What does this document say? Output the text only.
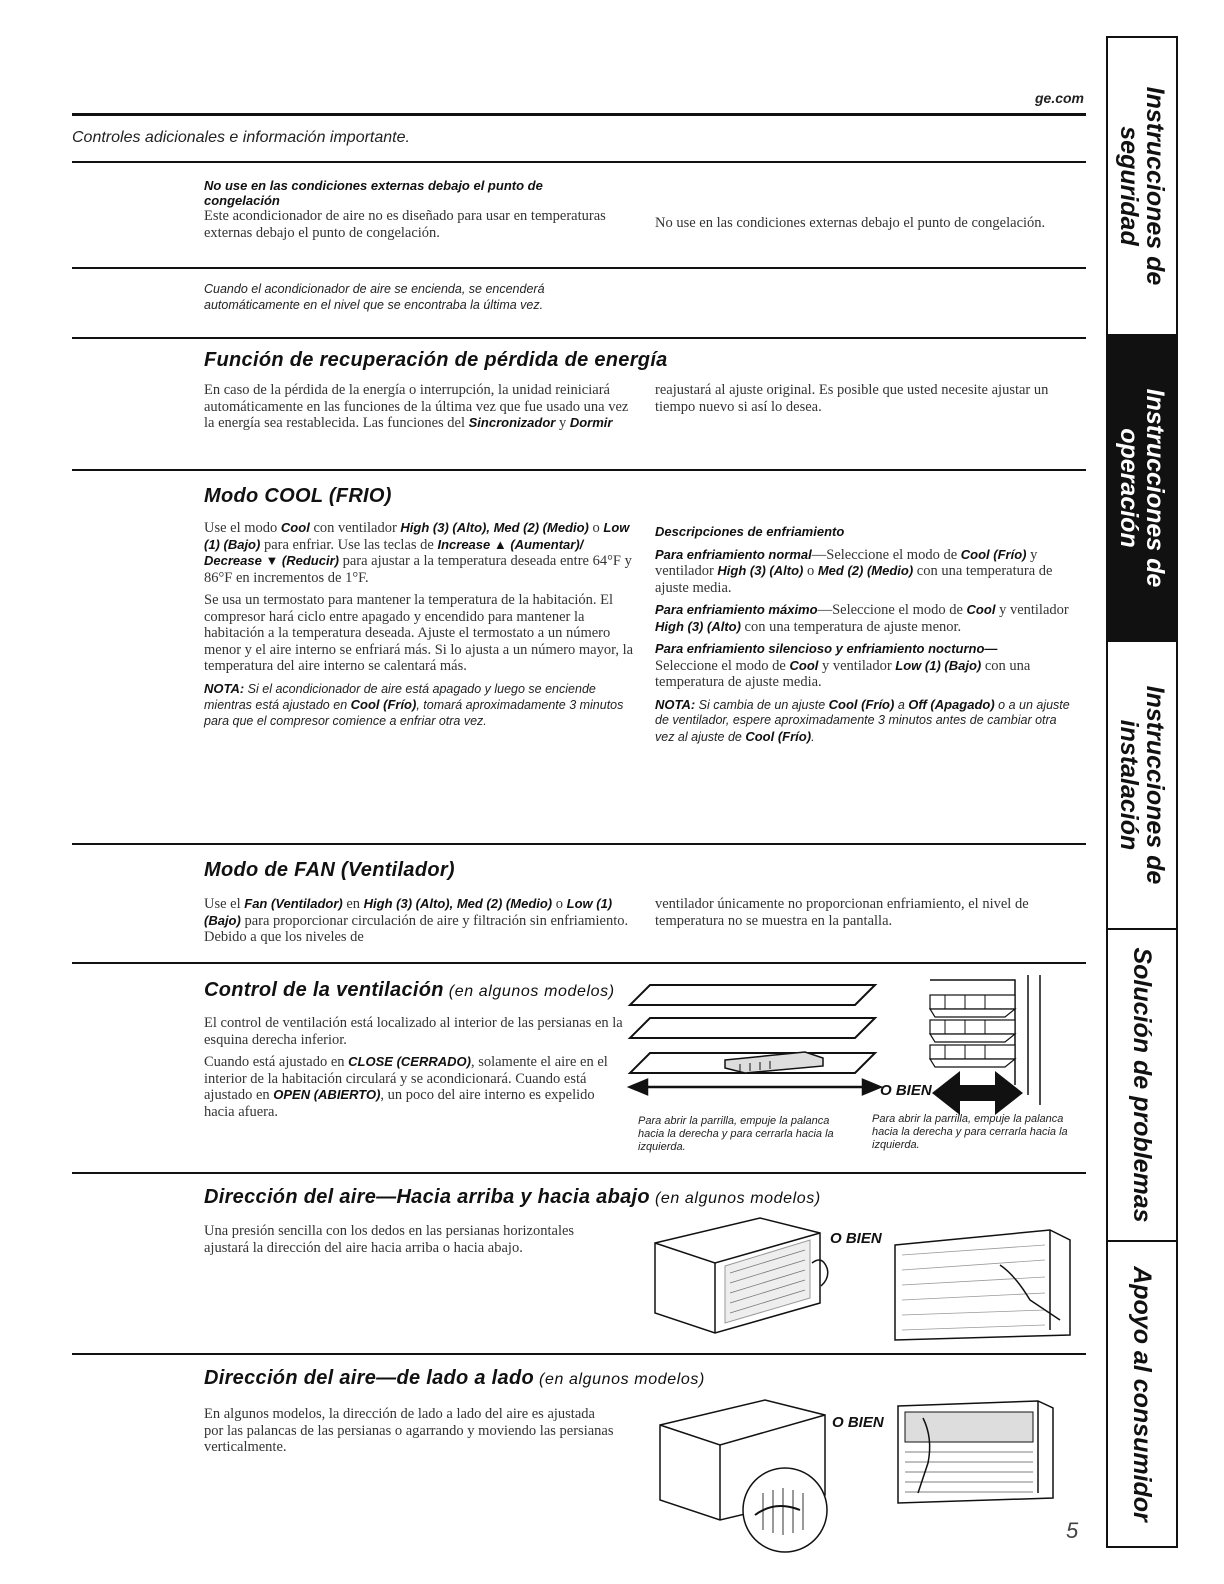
ge.com
Controles adicionales e información importante.
No use en las condiciones externas debajo el punto de
congelación
Este acondicionador de aire no es diseñado para usar en temperaturas externas debajo el punto de congelación.
No use en las condiciones externas debajo el punto de congelación.
Cuando el acondicionador de aire se encienda, se encenderá
automáticamente en el nivel que se encontraba la última vez.
Función de recuperación de pérdida de energía
En caso de la pérdida de la energía o interrupción, la unidad reiniciará automáticamente en las funciones de la última vez que fue usado una vez la energía sea restablecida. Las funciones del Sincronizador y Dormir
reajustará al ajuste original. Es posible que usted necesite ajustar un tiempo nuevo si así lo desea.
Modo COOL (FRIO)

Use el modo Cool con ventilador High (3) (Alto), Med (2) (Medio) o Low (1) (Bajo) para enfriar. Use las teclas de Increase ▲ (Aumentar)/ Decrease ▼ (Reducir) para ajustar a la temperatura deseada entre 64°F y 86°F en incrementos de 1°F.

Se usa un termostato para mantener la temperatura de la habitación. El compresor hará ciclo entre apagado y encendido para mantener la habitación a la temperatura deseada. Ajuste el termostato a un número menor y el aire interno se enfriará más. Si lo ajusta a un número mayor, la temperatura del aire interno se calentará más.

NOTA: Si el acondicionador de aire está apagado y luego se enciende mientras está ajustado en Cool (Frío), tomará aproximadamente 3 minutos para que el compresor comience a enfriar otra vez.

Descripciones de enfriamiento

Para enfriamiento normal—Seleccione el modo de Cool (Frío) y ventilador High (3) (Alto) o Med (2) (Medio) con una temperatura de ajuste media.

Para enfriamiento máximo—Seleccione el modo de Cool y ventilador High (3) (Alto) con una temperatura de ajuste menor.

Para enfriamiento silencioso y enfriamiento nocturno—
Seleccione el modo de Cool y ventilador Low (1) (Bajo) con una temperatura de ajuste media.

NOTA: Si cambia de un ajuste Cool (Frío) a Off (Apagado) o a un ajuste de ventilador, espere aproximadamente 3 minutos antes de cambiar otra vez al ajuste de Cool (Frío).

Modo de FAN (Ventilador)
Use el Fan (Ventilador) en High (3) (Alto), Med (2) (Medio) o Low (1) (Bajo) para proporcionar circulación de aire y filtración sin enfriamiento. Debido a que los niveles de
ventilador únicamente no proporcionan enfriamiento, el nivel de temperatura no se muestra en la pantalla.
Control de la ventilación (en algunos modelos)

El control de ventilación está localizado al interior de las persianas en la esquina derecha inferior.

Cuando está ajustado en CLOSE (CERRADO), solamente el aire en el interior de la habitación circulará y se acondicionará. Cuando está ajustado en OPEN (ABIERTO), un poco del aire interno es expelido hacia afuera.

O BIEN
Para abrir la parrilla, empuje la palanca hacia la derecha y para cerrarla hacia la izquierda.
Para abrir la parrilla, empuje la palanca hacia la derecha y para cerrarla hacia la izquierda.
Dirección del aire—Hacia arriba y hacia abajo (en algunos modelos)
Una presión sencilla con los dedos en las persianas horizontales ajustará la dirección del aire hacia arriba o hacia abajo.
O BIEN
Dirección del aire—de lado a lado (en algunos modelos)
En algunos modelos, la dirección de lado a lado del aire es ajustada por las palancas de las persianas o agarrando y moviendo las persianas verticalmente.
O BIEN
5
Instrucciones de
seguridad
Instrucciones de
operación
Instrucciones de
instalación
Solución de problemas
Apoyo al consumidor
